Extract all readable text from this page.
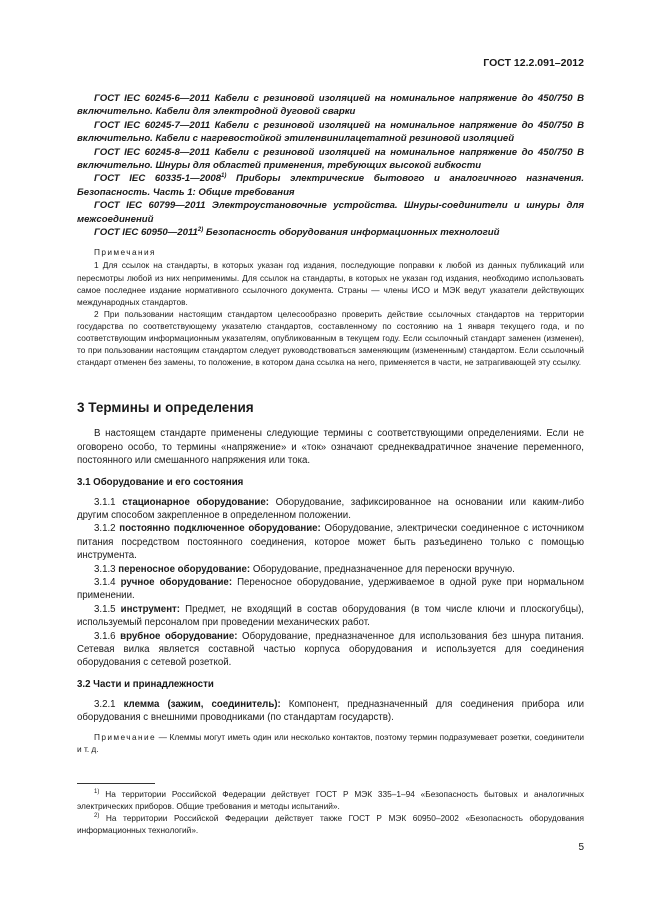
ГОСТ 12.2.091–2012

ГОСТ IEC 60245-6—2011 Кабели с резиновой изоляцией на номинальное напряжение до 450/750 В включительно. Кабели для электродной дуговой сварки

ГОСТ IEC 60245-7—2011 Кабели с резиновой изоляцией на номинальное напряжение до 450/750 В включительно. Кабели с нагревостойкой этиленвинилацетатной резиновой изоляцией

ГОСТ IEC 60245-8—2011 Кабели с резиновой изоляцией на номинальное напряжение до 450/750 В включительно. Шнуры для областей применения, требующих высокой гибкости

ГОСТ IEC 60335-1—2008$^{1)}$ Приборы электрические бытового и аналогичного назначения. Безопасность. Часть 1: Общие требования

ГОСТ IEC 60799—2011 Электроустановочные устройства. Шнуры-соединители и шнуры для межсоединений

ГОСТ IEC 60950—2011$^{2)}$ Безопасность оборудования информационных технологий

Примечания

1 Для ссылок на стандарты, в которых указан год издания, последующие поправки к любой из данных публикаций или пересмотры любой из них неприменимы. Для ссылок на стандарты, в которых не указан год издания, необходимо использовать самое последнее издание нормативного ссылочного документа. Страны — члены ИСО и МЭК ведут указатели действующих международных стандартов.

2 При пользовании настоящим стандартом целесообразно проверить действие ссылочных стандартов на территории государства по соответствующему указателю стандартов, составленному по состоянию на 1 января текущего года, и по соответствующим информационным указателям, опубликованным в текущем году. Если ссылочный стандарт заменен (изменен), то при пользовании настоящим стандартом следует руководствоваться заменяющим (измененным) стандартом. Если ссылочный стандарт отменен без замены, то положение, в котором дана ссылка на него, применяется в части, не затрагивающей эту ссылку.

3 Термины и определения

В настоящем стандарте применены следующие термины с соответствующими определениями. Если не оговорено особо, то термины «напряжение» и «ток» означают среднеквадратичное значение переменного, постоянного или смешанного напряжения или тока.

3.1 Оборудование и его состояния

3.1.1 стационарное оборудование: Оборудование, зафиксированное на основании или каким-либо другим способом закрепленное в определенном положении.

3.1.2 постоянно подключенное оборудование: Оборудование, электрически соединенное с источником питания посредством постоянного соединения, которое может быть разъединено только с помощью инструмента.

3.1.3 переносное оборудование: Оборудование, предназначенное для переноски вручную.

3.1.4 ручное оборудование: Переносное оборудование, удерживаемое в одной руке при нормальном применении.

3.1.5 инструмент: Предмет, не входящий в состав оборудования (в том числе ключи и плоскогубцы), используемый персоналом при проведении механических работ.

3.1.6 врубное оборудование: Оборудование, предназначенное для использования без шнура питания. Сетевая вилка является составной частью корпуса оборудования и используется для соединения оборудования с сетевой розеткой.

3.2 Части и принадлежности

3.2.1 клемма (зажим, соединитель): Компонент, предназначенный для соединения прибора или оборудования с внешними проводниками (по стандартам государств).

Примечание — Клеммы могут иметь один или несколько контактов, поэтому термин подразумевает розетки, соединители и т. д.

$^{1)}$ На территории Российской Федерации действует ГОСТ Р МЭК 335–1–94 «Безопасность бытовых и аналогичных электрических приборов. Общие требования и методы испытаний».

$^{2)}$ На территории Российской Федерации действует также ГОСТ Р МЭК 60950–2002 «Безопасность оборудования информационных технологий».

5
